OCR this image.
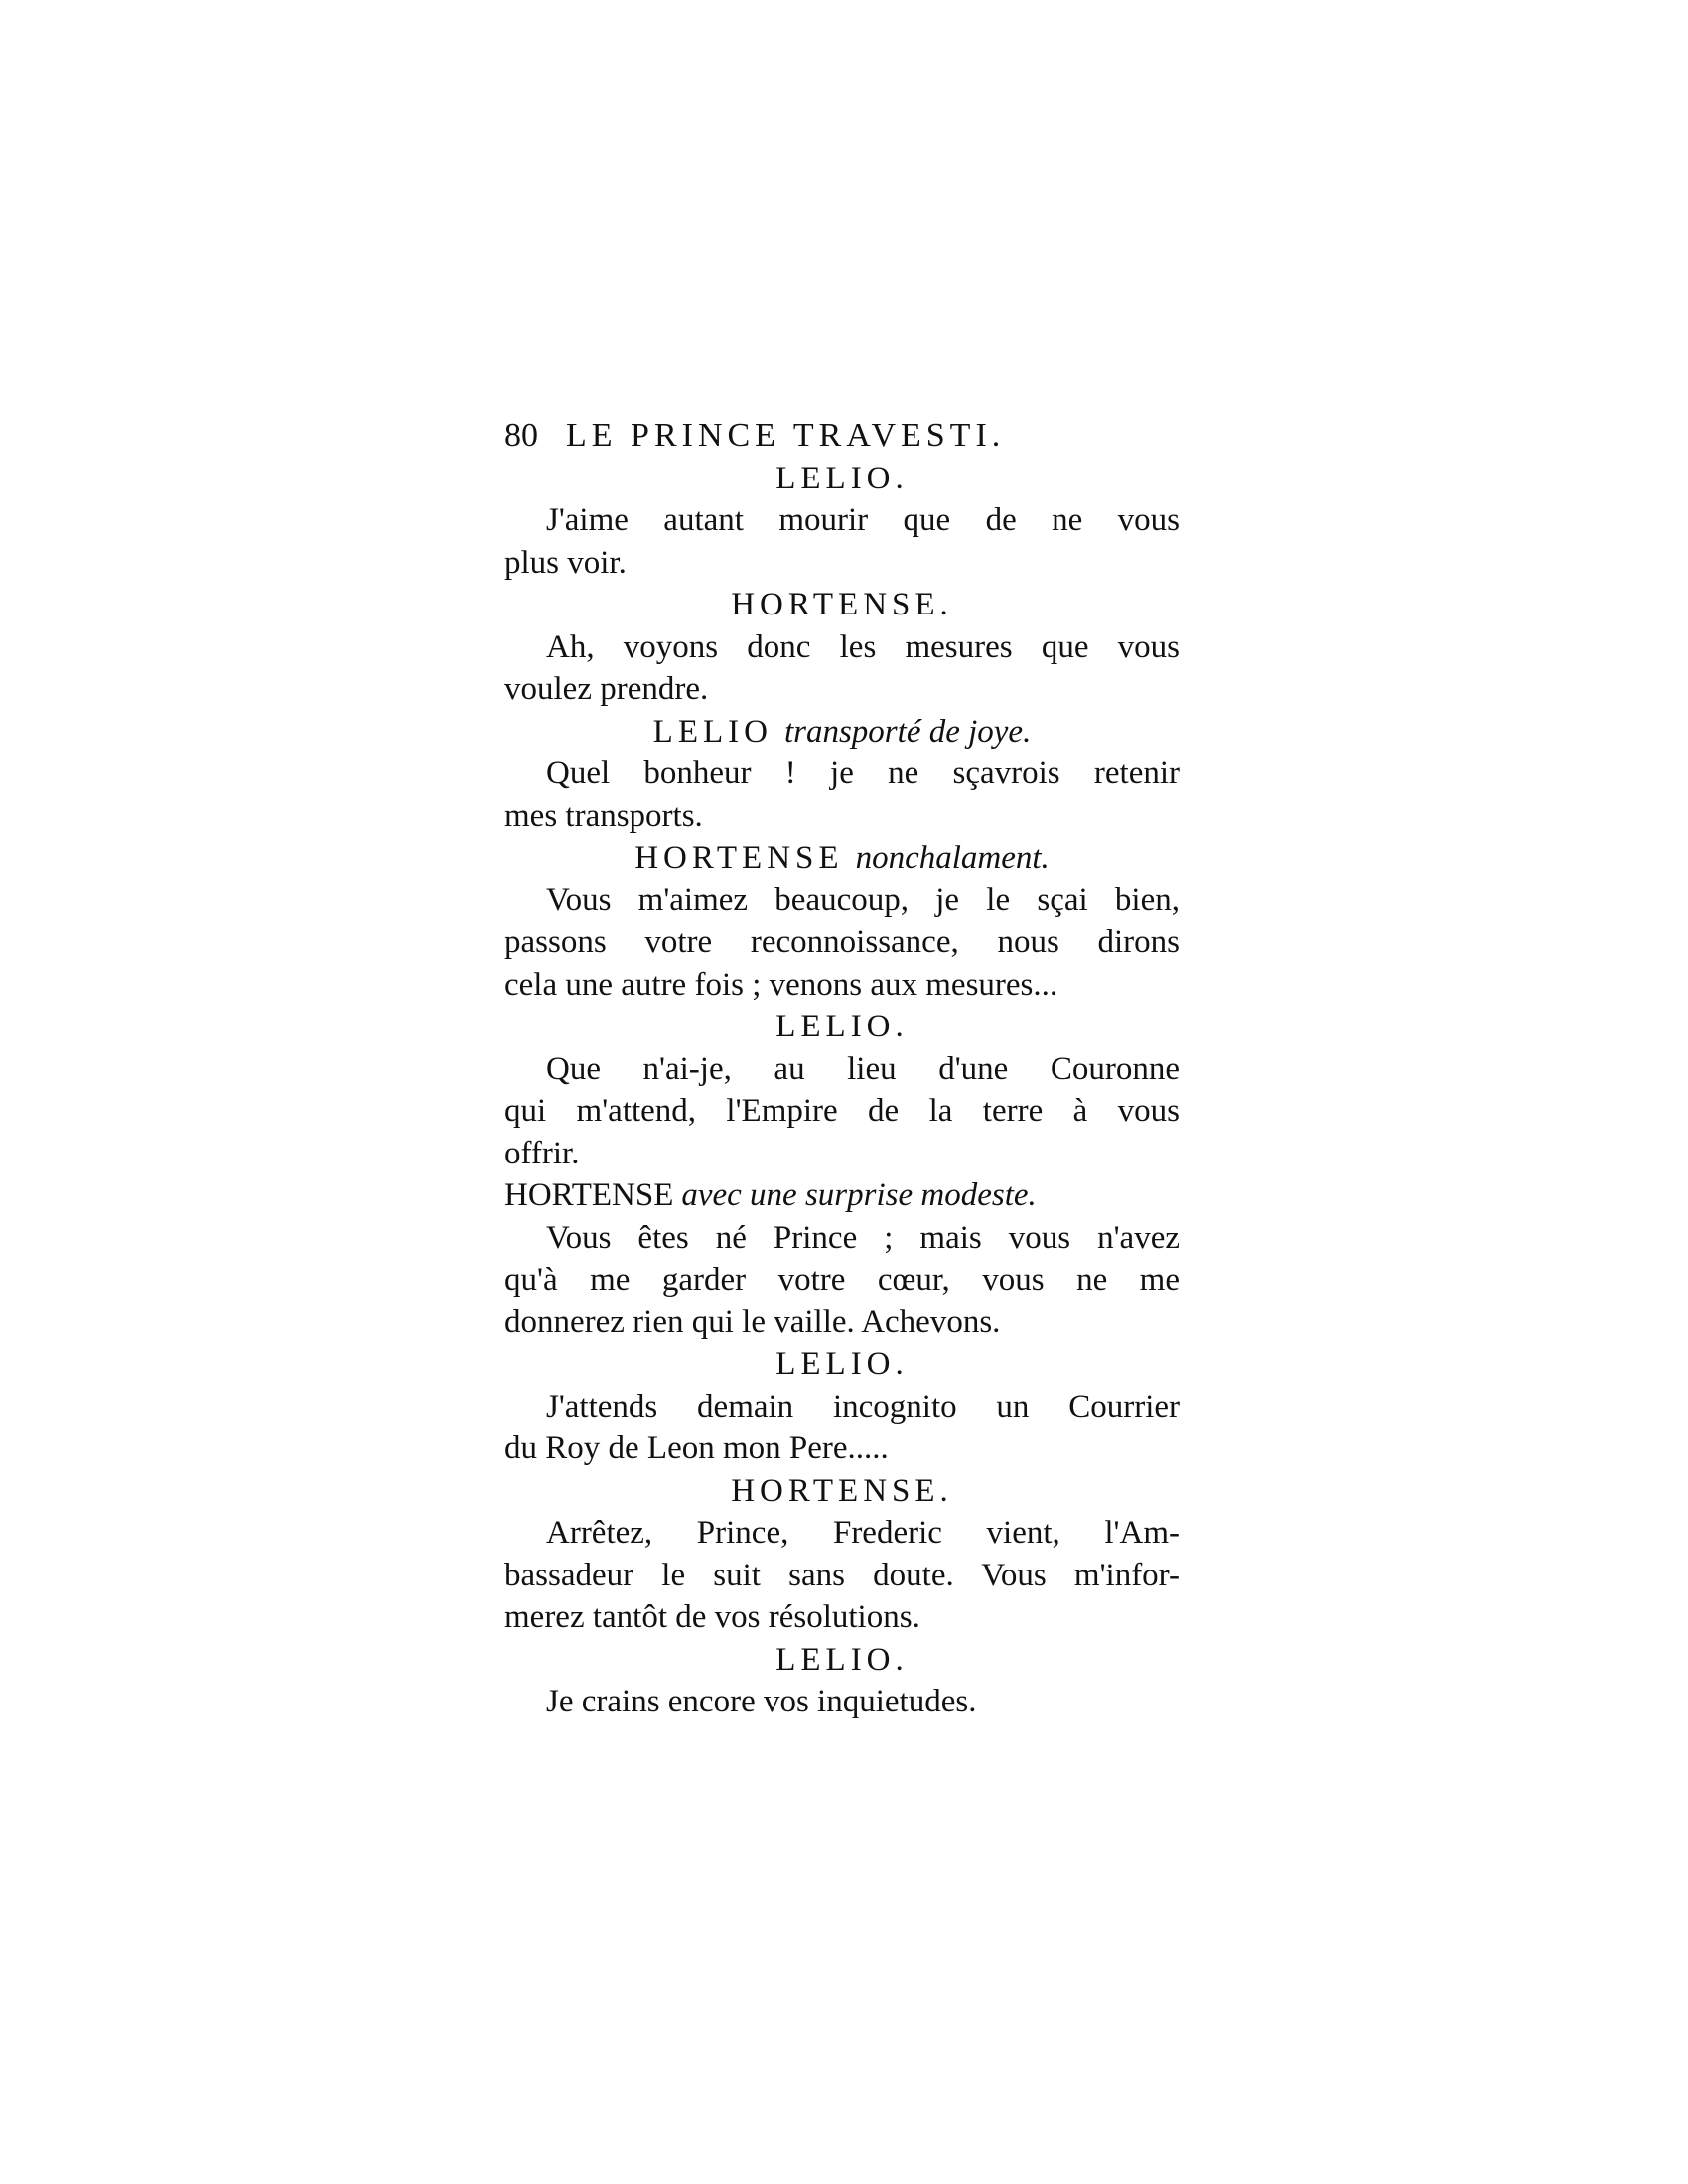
80 LE PRINCE TRAVESTI.
LELIO.
J'aime autant mourir que de ne vous
plus voir.
HORTENSE.
Ah, voyons donc les mesures que vous
voulez prendre.
LELIO transporté de joye.
Quel bonheur ! je ne sçavrois retenir
mes transports.
HORTENSE nonchalament.
Vous m'aimez beaucoup, je le sçai bien,
passons votre reconnoissance, nous dirons
cela une autre fois ; venons aux mesures...
LELIO.
Que n'ai-je, au lieu d'une Couronne
qui m'attend, l'Empire de la terre à vous
offrir.
HORTENSE avec une surprise modeste.
Vous êtes né Prince ; mais vous n'avez
qu'à me garder votre cœur, vous ne me
donnerez rien qui le vaille. Achevons.
LELIO.
J'attends demain incognito un Courrier
du Roy de Leon mon Pere.....
HORTENSE.
Arrêtez, Prince, Frederic vient, l'Am-
bassadeur le suit sans doute. Vous m'infor-
merez tantôt de vos résolutions.
LELIO.
Je crains encore vos inquietudes.
